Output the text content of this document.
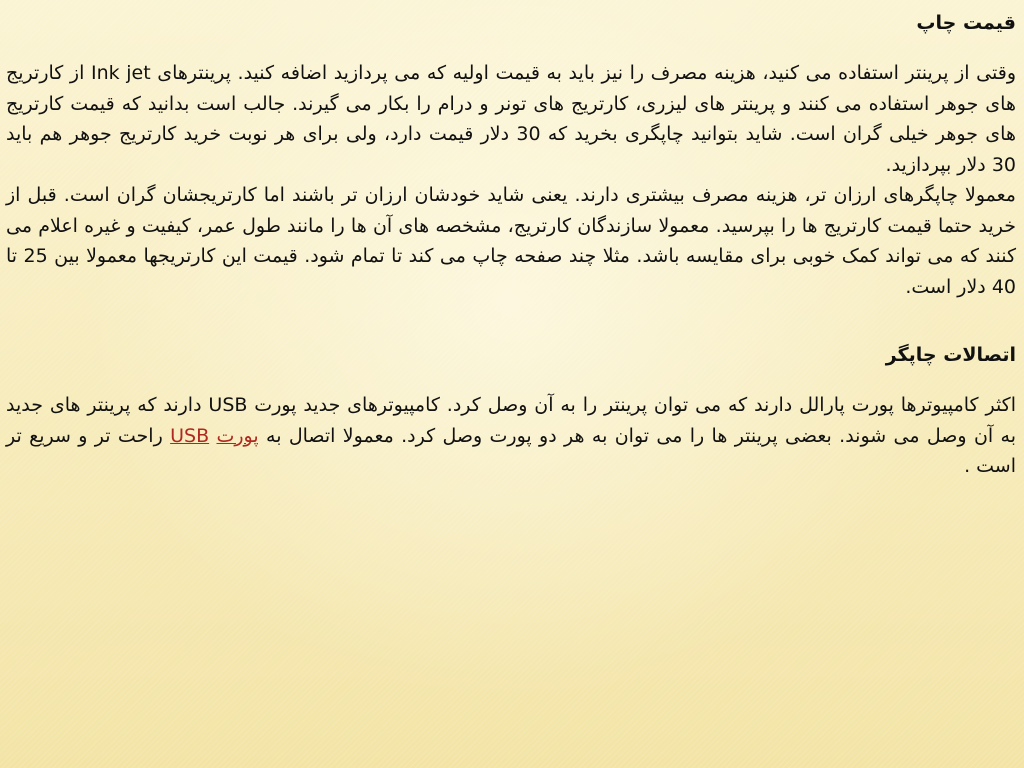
قیمت چاپ

وقتی از پرینتر استفاده می کنید، هزینه مصرف را نیز باید به قیمت اولیه که می پردازید اضافه کنید. پرینترهای Ink jet از کارتریج های جوهر استفاده می کنند و پرینتر های لیزری، کارتریج های تونر و درام را بکار می گیرند. جالب است بدانید که قیمت کارتریج های جوهر خیلی گران است. شاید بتوانید چاپگری بخرید که 30 دلار قیمت دارد، ولی برای هر نوبت خرید کارتریج جوهر هم باید 30 دلار بپردازید.

معمولا چاپگرهای ارزان تر، هزینه مصرف بیشتری دارند. یعنی شاید خودشان ارزان تر باشند اما کارتریجشان گران است. قبل از خرید حتما قیمت کارتریج ها را بپرسید. معمولا سازندگان کارتریج، مشخصه های آن ها را مانند طول عمر، کیفیت و غیره اعلام می کنند که می تواند کمک خوبی برای مقایسه باشد. مثلا چند صفحه چاپ می کند تا تمام شود. قیمت این کارتریجها معمولا بین 25 تا 40 دلار است.

اتصالات چاپگر

اکثر کامپیوترها پورت پارالل دارند که می توان پرینتر را به آن وصل کرد. کامپیوترهای جدید پورت USB دارند که پرینتر های جدید به آن وصل می شوند. بعضی پرینتر ها را می توان به هر دو پورت وصل کرد. معمولا اتصال به پورت USB راحت تر و سریع تر است .
